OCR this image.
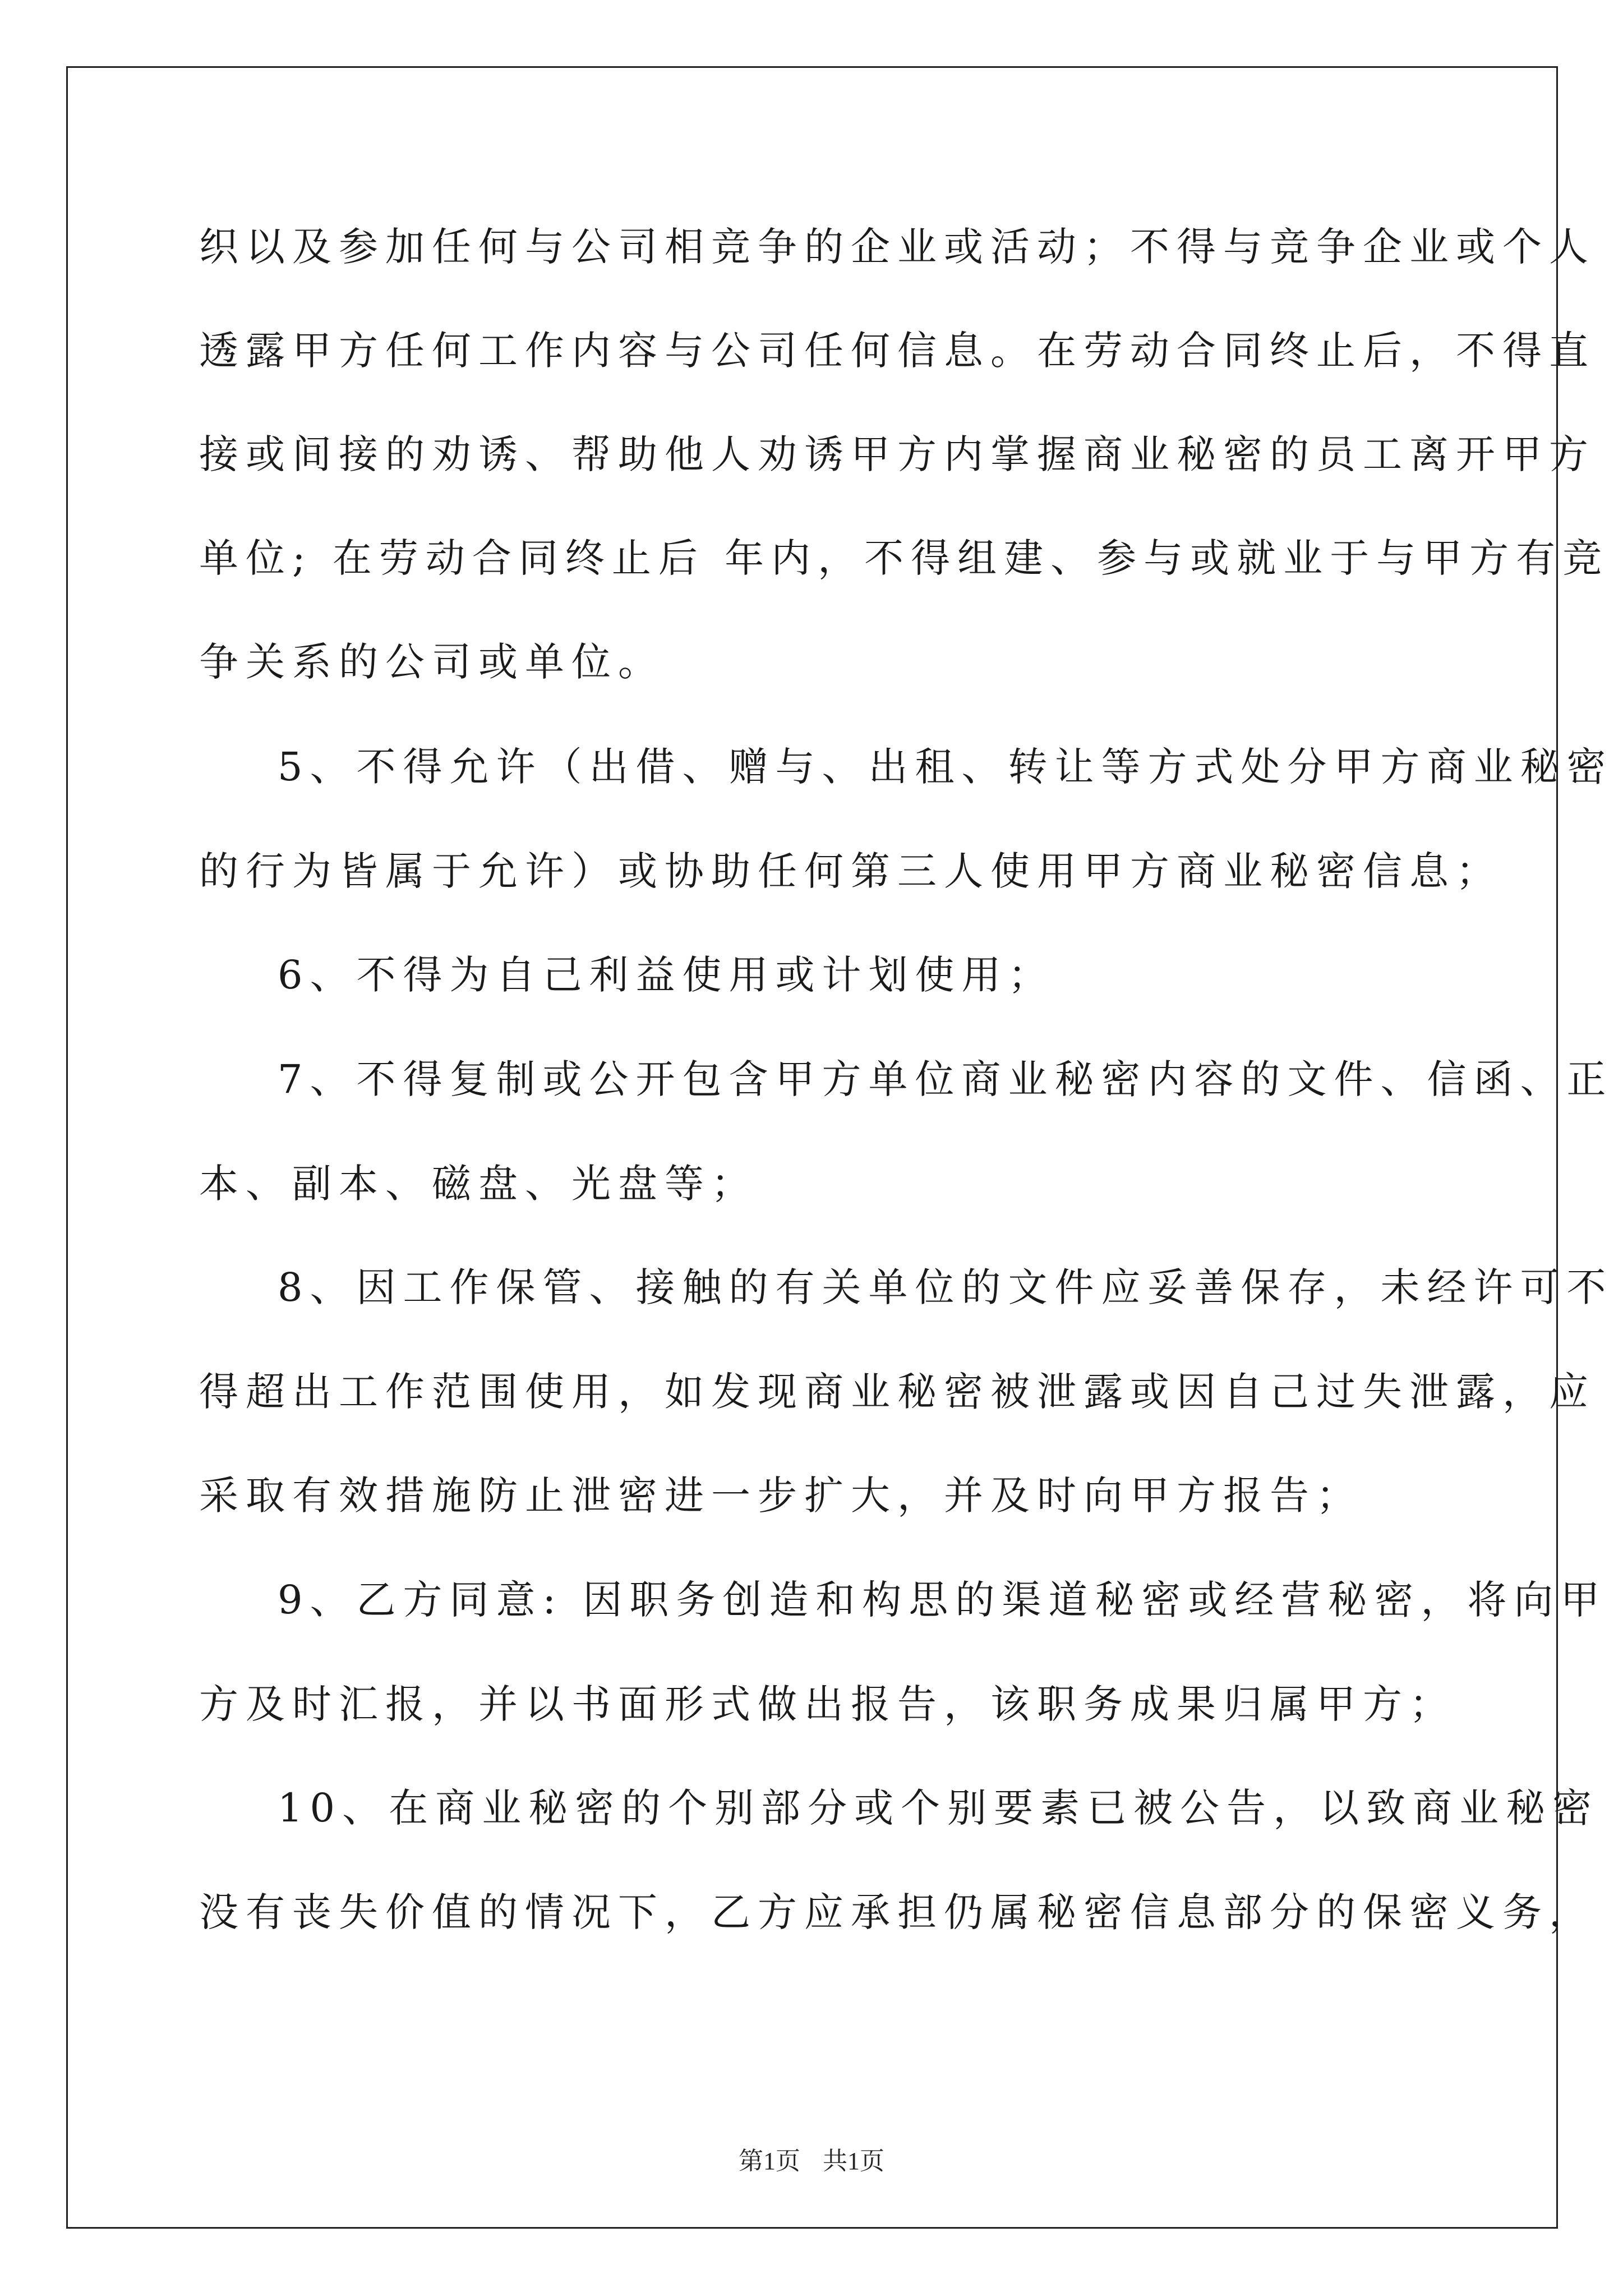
织以及参加任何与公司相竞争的企业或活动；不得与竞争企业或个人
透露甲方任何工作内容与公司任何信息。在劳动合同终止后，不得直
接或间接的劝诱、帮助他人劝诱甲方内掌握商业秘密的员工离开甲方
单位; 在劳动合同终止后 年内，不得组建、参与或就业于与甲方有竞
争关系的公司或单位。
5、不得允许（出借、赠与、出租、转让等方式处分甲方商业秘密
的行为皆属于允许）或协助任何第三人使用甲方商业秘密信息；
6、不得为自己利益使用或计划使用；
7、不得复制或公开包含甲方单位商业秘密内容的文件、信函、正
本、副本、磁盘、光盘等；
8、因工作保管、接触的有关单位的文件应妥善保存，未经许可不
得超出工作范围使用，如发现商业秘密被泄露或因自己过失泄露，应
采取有效措施防止泄密进一步扩大，并及时向甲方报告；
9、乙方同意: 因职务创造和构思的渠道秘密或经营秘密，将向甲
方及时汇报，并以书面形式做出报告，该职务成果归属甲方；
10、在商业秘密的个别部分或个别要素已被公告，以致商业秘密
没有丧失价值的情况下，乙方应承担仍属秘密信息部分的保密义务，
第1页 共1页
